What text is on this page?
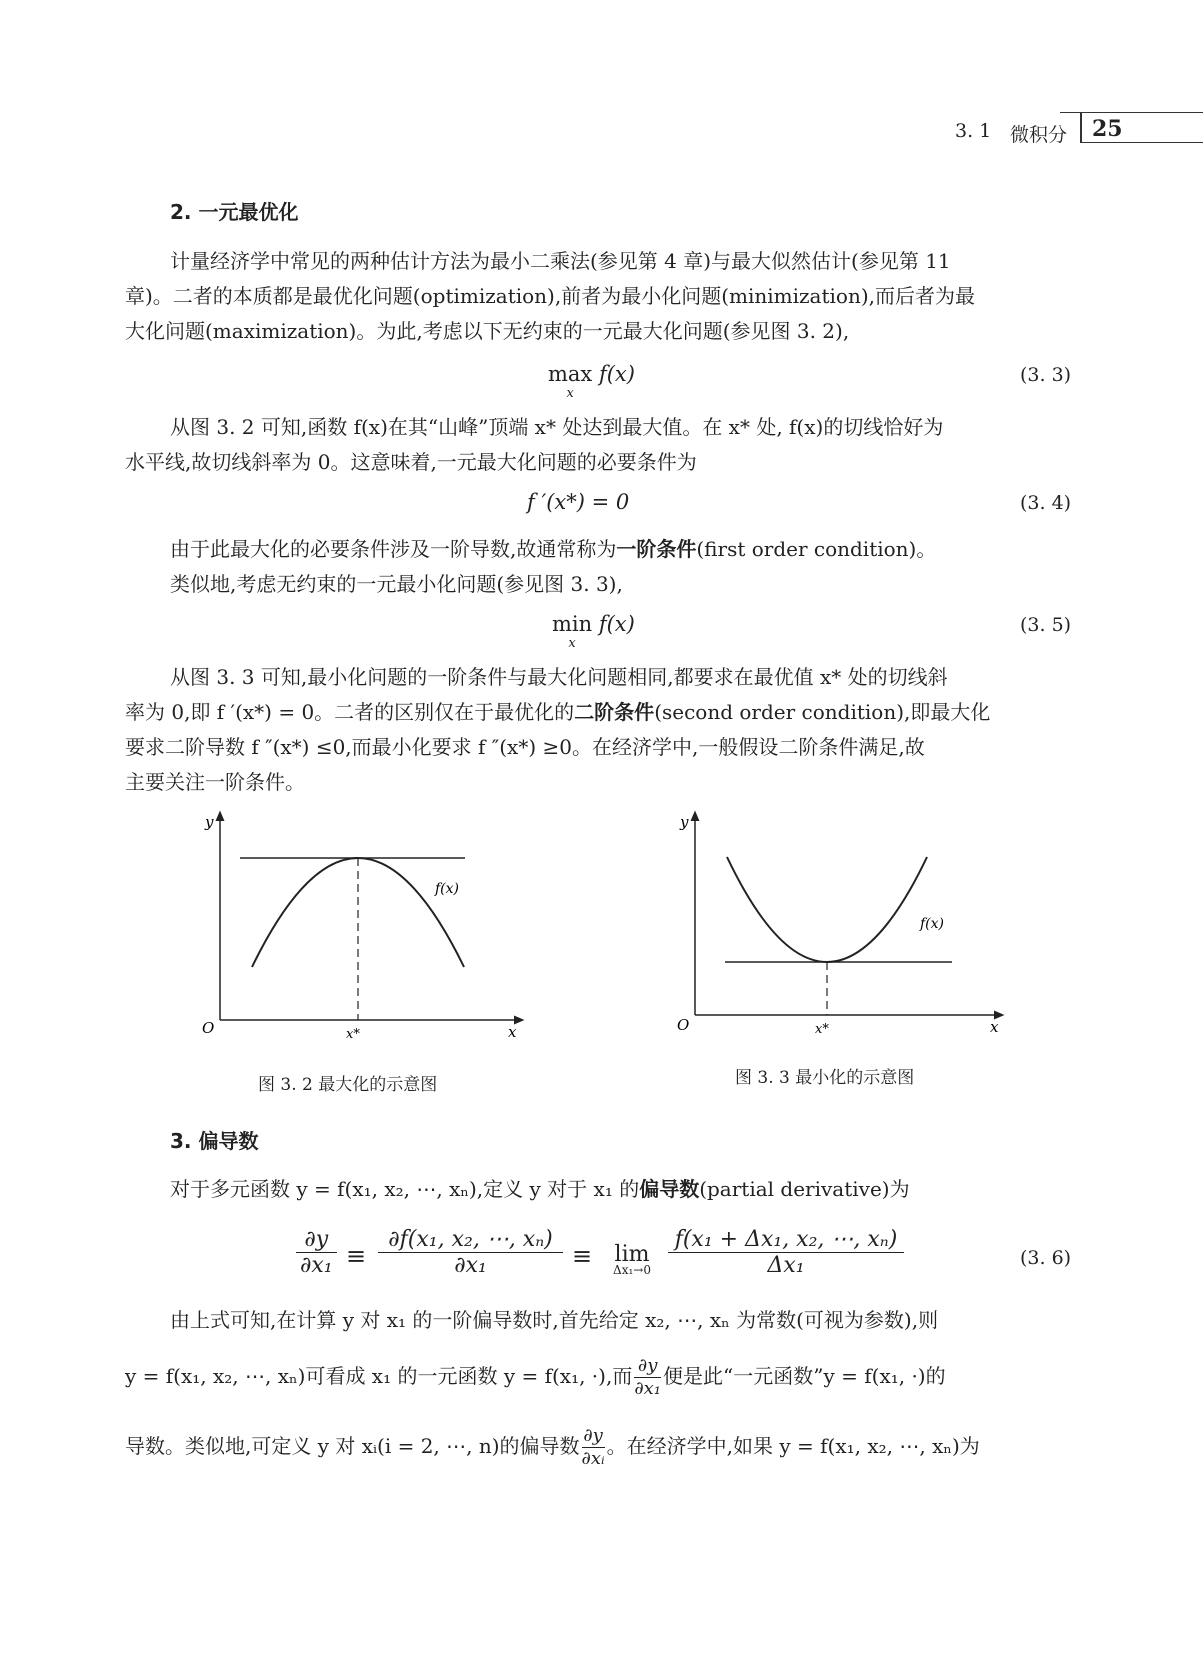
3. 1 微积分 25
2. 一元最优化
计量经济学中常见的两种估计方法为最小二乘法(参见第 4 章)与最大似然估计(参见第 11
章)。二者的本质都是最优化问题(optimization),前者为最小化问题(minimization),而后者为最
大化问题(maximization)。为此,考虑以下无约束的一元最大化问题(参见图 3. 2),
max
$^x$ f(x)	(3. 3)
从图 3. 2 可知,函数 f(x)在其“山峰”顶端 x* 处达到最大值。在 x* 处, f(x)的切线恰好为
水平线,故切线斜率为 0。这意味着,一元最大化问题的必要条件为
f ′(x*) = 0	(3. 4)
由于此最大化的必要条件涉及一阶导数,故通常称为一阶条件(first order condition)。
类似地,考虑无约束的一元最小化问题(参见图 3. 3),
min
$^x$ f(x)	(3. 5)
从图 3. 3 可知,最小化问题的一阶条件与最大化问题相同,都要求在最优值 x* 处的切线斜
率为 0,即 f ′(x*) = 0。二者的区别仅在于最优化的二阶条件(second order condition),即最大化
要求二阶导数 f ″(x*) ≤0,而最小化要求 f ″(x*) ≥0。在经济学中,一般假设二阶条件满足,故
主要关注一阶条件。
y
O	x
x*
f(x)
图 3. 2 最大化的示意图
y
O	x
x*
f(x)
图 3. 3 最小化的示意图
3. 偏导数
对于多元函数 y = f(x₁, x₂, ⋯, xₙ),定义 y 对于 x₁ 的偏导数(partial derivative)为
$\frac{\partial y}{\text{∂x₁}} \equiv \frac{\text{∂f(x₁, x₂, ⋯, xₙ)}}{\text{∂x₁}}$ ≡	lim
$\Delta x_1\to 0 \frac{\text{f(x₁ + Δx₁, x₂, ⋯, xₙ)}}{\text{Δx₁}}$	(3. 6)
由上式可知,在计算 y 对 x₁ 的一阶偏导数时,首先给定 x₂, ⋯, xₙ 为常数(可视为参数),则
y = f(x₁, x₂, ⋯, xₙ)可看成 x₁ 的一元函数 y = f(x₁, ·),而 $\frac{\partial y}{\text{∂x₁}}$ 便是此“一元函数”y = f(x₁, ·)的
导数。类似地,可定义 y 对 xᵢ(i = 2, ⋯, n)的偏导数 $\frac{\partial y}{\text{∂xᵢ}}$ 。在经济学中,如果 y = f(x₁, x₂, ⋯, xₙ)为
